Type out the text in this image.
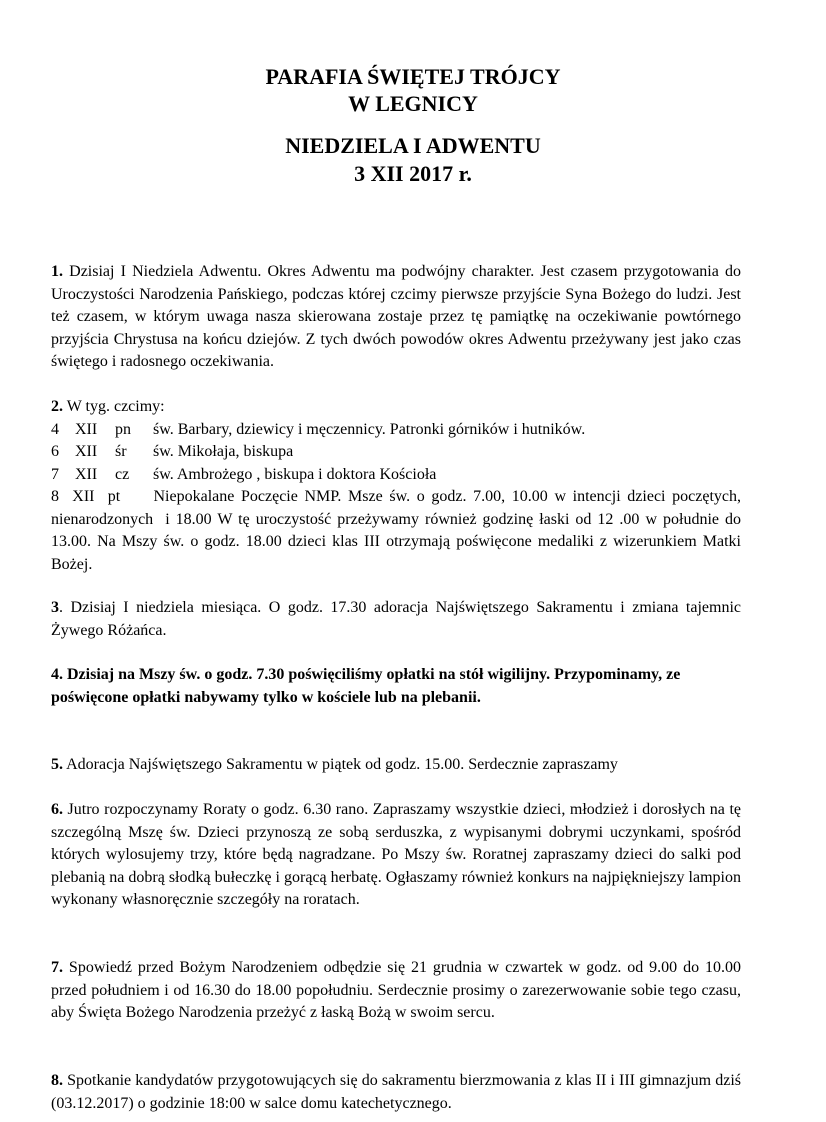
PARAFIA ŚWIĘTEJ TRÓJCY
W LEGNICY
NIEDZIELA I ADWENTU
3 XII 2017 r.
1. Dzisiaj I Niedziela Adwentu. Okres Adwentu ma podwójny charakter. Jest czasem przygotowania do Uroczystości Narodzenia Pańskiego, podczas której czcimy pierwsze przyjście Syna Bożego do ludzi. Jest też czasem, w którym uwaga nasza skierowana zostaje przez tę pamiątkę na oczekiwanie powtórnego przyjścia Chrystusa na końcu dziejów. Z tych dwóch powodów okres Adwentu przeżywany jest jako czas świętego i radosnego oczekiwania.
2. W tyg. czcimy:
4 XII pn św. Barbary, dziewicy i męczennicy. Patronki górników i hutników.
6 XII śr św. Mikołaja, biskupa
7 XII cz św. Ambrożego , biskupa i doktora Kościoła
8  XII  pt     Niepokalane Poczęcie NMP. Msze św. o godz. 7.00, 10.00 w intencji dzieci poczętych, nienarodzonych  i 18.00 W tę uroczystość przeżywamy również godzinę łaski od 12 .00 w południe do 13.00. Na Mszy św. o godz. 18.00 dzieci klas III otrzymają poświęcone medaliki z wizerunkiem Matki Bożej.
3. Dzisiaj I niedziela miesiąca. O godz. 17.30 adoracja Najświętszego Sakramentu i zmiana tajemnic Żywego Różańca.
4. Dzisiaj na Mszy św. o godz. 7.30 poświęciliśmy opłatki na stół wigilijny. Przypominamy, ze poświęcone opłatki nabywamy tylko w kościele lub na plebanii.
5. Adoracja Najświętszego Sakramentu w piątek od godz. 15.00. Serdecznie zapraszamy
6. Jutro rozpoczynamy Roraty o godz. 6.30 rano. Zapraszamy wszystkie dzieci, młodzież i dorosłych na tę szczególną Mszę św. Dzieci przynoszą ze sobą serduszka, z wypisanymi dobrymi uczynkami, spośród których wylosujemy trzy, które będą nagradzane. Po Mszy św. Roratnej zapraszamy dzieci do salki pod plebanią na dobrą słodką bułeczkę i gorącą herbatę. Ogłaszamy również konkurs na najpiękniejszy lampion wykonany własnoręcznie szczegóły na roratach.
7. Spowiedź przed Bożym Narodzeniem odbędzie się 21 grudnia w czwartek w godz. od 9.00 do 10.00 przed południem i od 16.30 do 18.00 popołudniu. Serdecznie prosimy o zarezerwowanie sobie tego czasu, aby Święta Bożego Narodzenia przeżyć z łaską Bożą w swoim sercu.
8. Spotkanie kandydatów przygotowujących się do sakramentu bierzmowania z klas II i III gimnazjum dziś (03.12.2017) o godzinie 18:00 w salce domu katechetycznego.
